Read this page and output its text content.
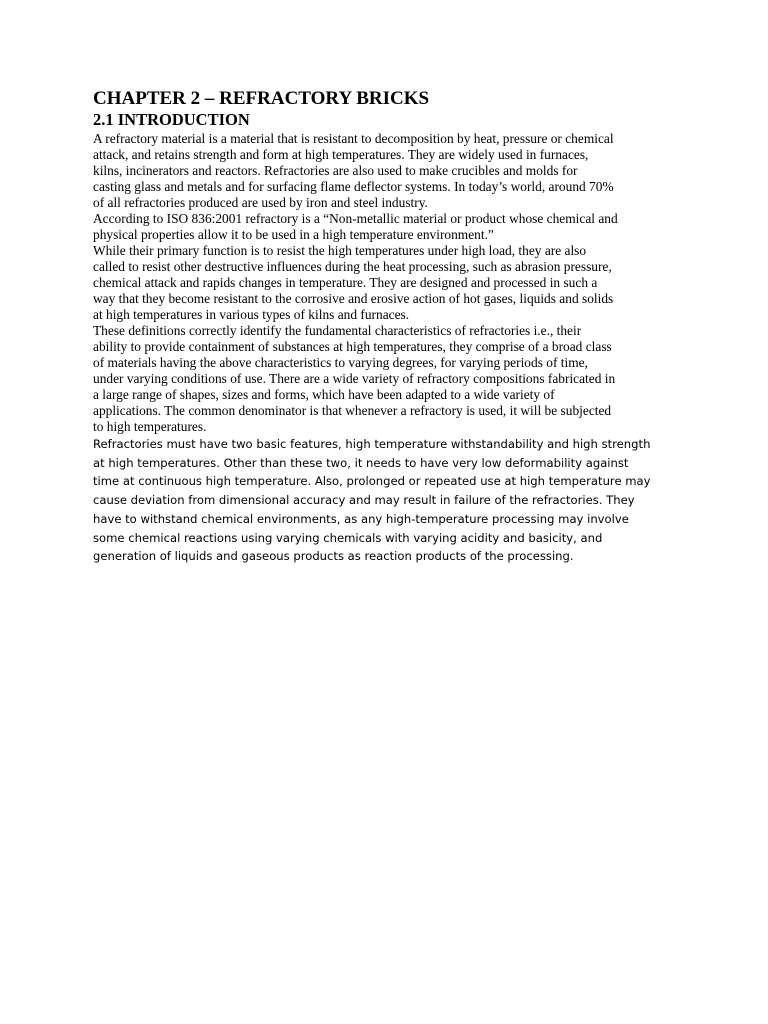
CHAPTER 2 – REFRACTORY BRICKS
2.1 INTRODUCTION

A refractory material is a material that is resistant to decomposition by heat, pressure or chemical
attack, and retains strength and form at high temperatures. They are widely used in furnaces,
kilns, incinerators and reactors. Refractories are also used to make crucibles and molds for
casting glass and metals and for surfacing flame deflector systems. In today’s world, around 70%
of all refractories produced are used by iron and steel industry.

According to ISO 836:2001 refractory is a “Non-metallic material or product whose chemical and
physical properties allow it to be used in a high temperature environment.”

While their primary function is to resist the high temperatures under high load, they are also
called to resist other destructive influences during the heat processing, such as abrasion pressure,
chemical attack and rapids changes in temperature. They are designed and processed in such a
way that they become resistant to the corrosive and erosive action of hot gases, liquids and solids
at high temperatures in various types of kilns and furnaces.

These definitions correctly identify the fundamental characteristics of refractories i.e., their
ability to provide containment of substances at high temperatures, they comprise of a broad class
of materials having the above characteristics to varying degrees, for varying periods of time,
under varying conditions of use. There are a wide variety of refractory compositions fabricated in
a large range of shapes, sizes and forms, which have been adapted to a wide variety of
applications. The common denominator is that whenever a refractory is used, it will be subjected
to high temperatures.

Refractories must have two basic features, high temperature withstandability and high strength
at high temperatures. Other than these two, it needs to have very low deformability against
time at continuous high temperature. Also, prolonged or repeated use at high temperature may
cause deviation from dimensional accuracy and may result in failure of the refractories. They
have to withstand chemical environments, as any high-temperature processing may involve
some chemical reactions using varying chemicals with varying acidity and basicity, and
generation of liquids and gaseous products as reaction products of the processing.
